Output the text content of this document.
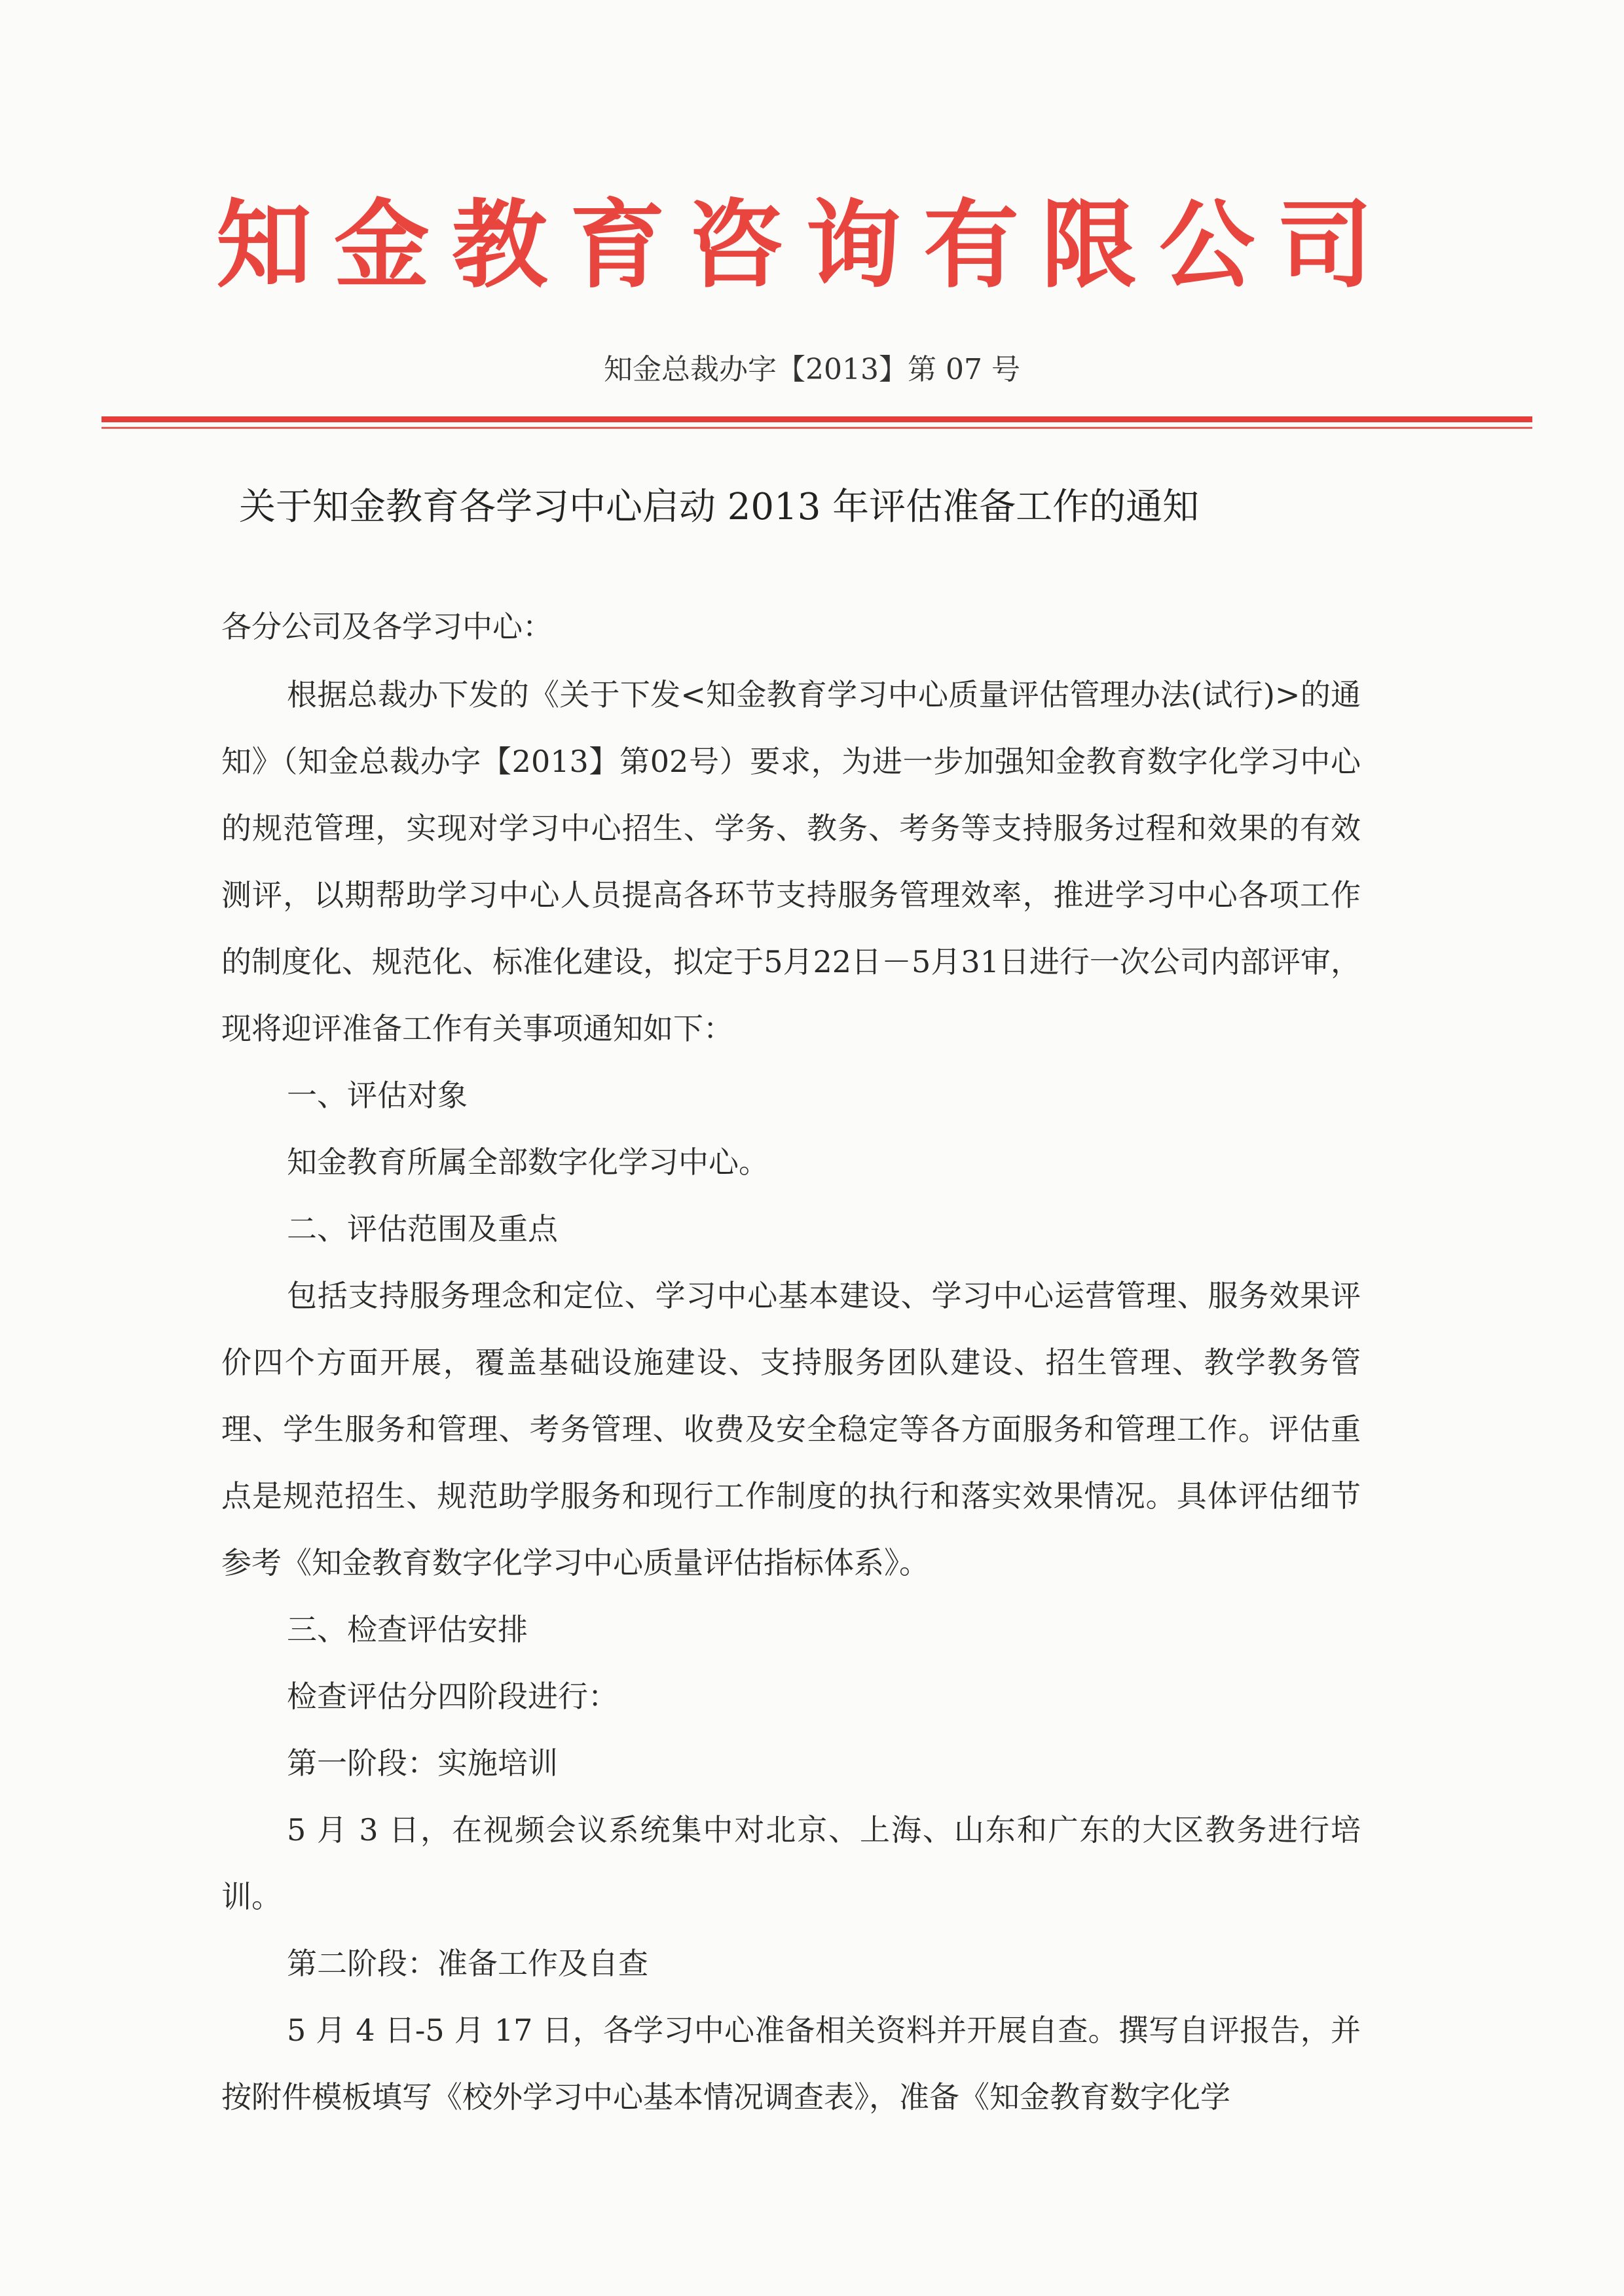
知金教育咨询有限公司
知金总裁办字【2013】第 07 号
关于知金教育各学习中心启动 2013 年评估准备工作的通知

各分公司及各学习中心：

根据总裁办下发的《关于下发<知金教育学习中心质量评估管理办法(试行)>的通知》（知金总裁办字【2013】第02号）要求，为进一步加强知金教育数字化学习中心的规范管理，实现对学习中心招生、学务、教务、考务等支持服务过程和效果的有效测评，以期帮助学习中心人员提高各环节支持服务管理效率，推进学习中心各项工作的制度化、规范化、标准化建设，拟定于5月22日－5月31日进行一次公司内部评审，现将迎评准备工作有关事项通知如下：

一、评估对象

知金教育所属全部数字化学习中心。

二、评估范围及重点

包括支持服务理念和定位、学习中心基本建设、学习中心运营管理、服务效果评价四个方面开展，覆盖基础设施建设、支持服务团队建设、招生管理、教学教务管理、学生服务和管理、考务管理、收费及安全稳定等各方面服务和管理工作。评估重点是规范招生、规范助学服务和现行工作制度的执行和落实效果情况。具体评估细节参考《知金教育数字化学习中心质量评估指标体系》。

三、检查评估安排

检查评估分四阶段进行：

第一阶段：实施培训

5 月 3 日，在视频会议系统集中对北京、上海、山东和广东的大区教务进行培训。

第二阶段：准备工作及自查

5 月 4 日-5 月 17 日，各学习中心准备相关资料并开展自查。撰写自评报告，并按附件模板填写《校外学习中心基本情况调查表》，准备《知金教育数字化学
